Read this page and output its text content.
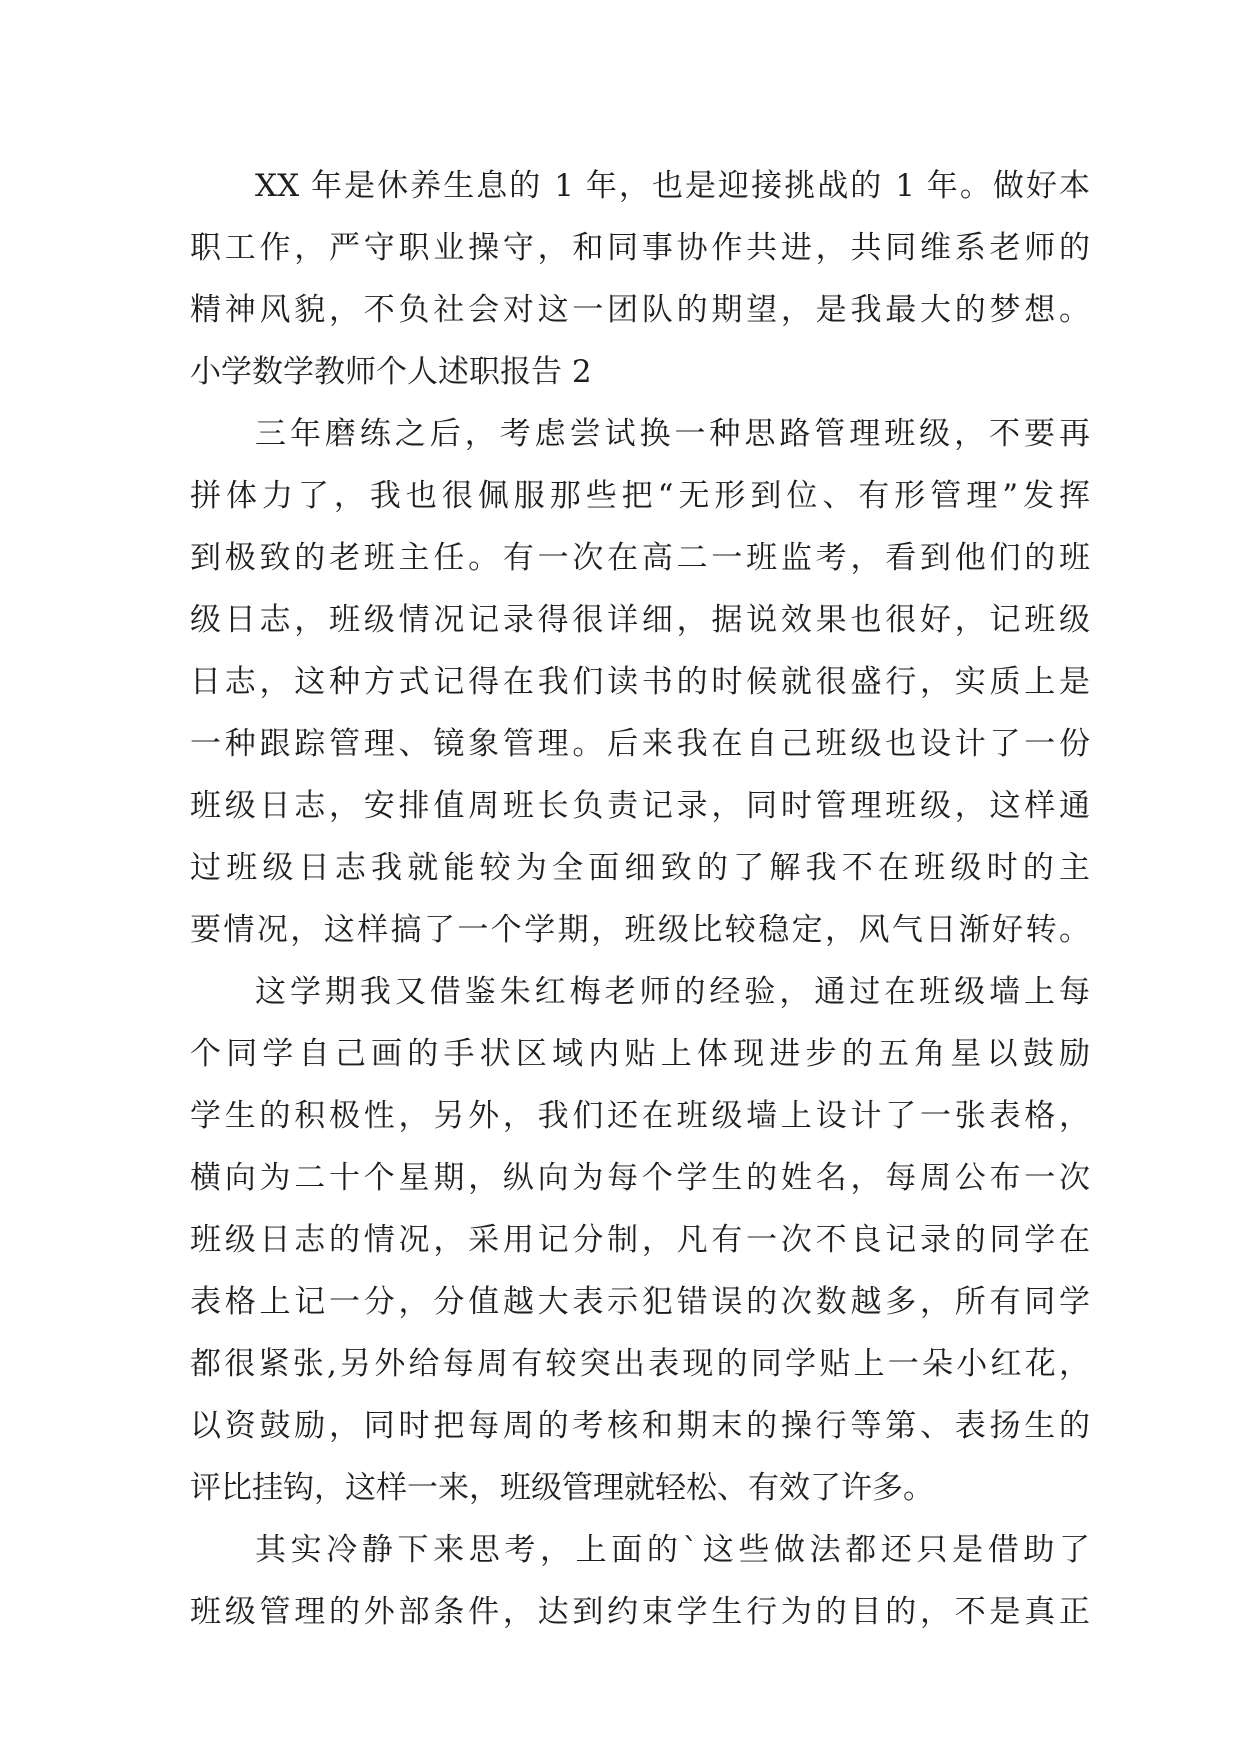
XX 年是休养生息的 1 年，也是迎接挑战的 1 年。做好本
职工作，严守职业操守，和同事协作共进，共同维系老师的
精神风貌，不负社会对这一团队的期望，是我最大的梦想。
小学数学教师个人述职报告 2
三年磨练之后，考虑尝试换一种思路管理班级，不要再
拼体力了，我也很佩服那些把“无形到位、有形管理”发挥
到极致的老班主任。有一次在高二一班监考，看到他们的班
级日志，班级情况记录得很详细，据说效果也很好，记班级
日志，这种方式记得在我们读书的时候就很盛行，实质上是
一种跟踪管理、镜象管理。后来我在自己班级也设计了一份
班级日志，安排值周班长负责记录，同时管理班级，这样通
过班级日志我就能较为全面细致的了解我不在班级时的主
要情况，这样搞了一个学期，班级比较稳定，风气日渐好转。
这学期我又借鉴朱红梅老师的经验，通过在班级墙上每
个同学自己画的手状区域内贴上体现进步的五角星以鼓励
学生的积极性，另外，我们还在班级墙上设计了一张表格，
横向为二十个星期，纵向为每个学生的姓名，每周公布一次
班级日志的情况，采用记分制，凡有一次不良记录的同学在
表格上记一分，分值越大表示犯错误的次数越多，所有同学
都很紧张,另外给每周有较突出表现的同学贴上一朵小红花，
以资鼓励，同时把每周的考核和期末的操行等第、表扬生的
评比挂钩，这样一来，班级管理就轻松、有效了许多。
其实冷静下来思考，上面的`这些做法都还只是借助了
班级管理的外部条件，达到约束学生行为的目的，不是真正
